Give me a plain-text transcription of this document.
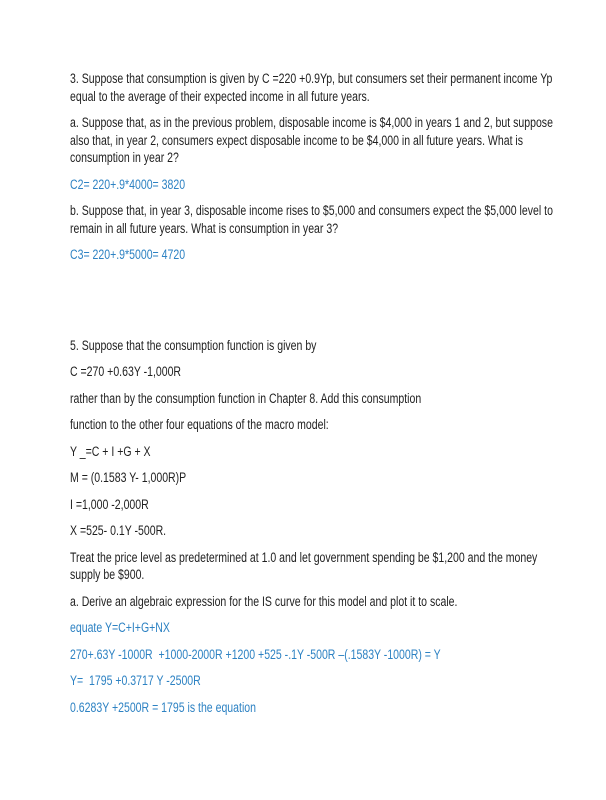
3. Suppose that consumption is given by C =220 +0.9Yp, but consumers set their permanent income Yp
equal to the average of their expected income in all future years.
a. Suppose that, as in the previous problem, disposable income is $4,000 in years 1 and 2, but suppose
also that, in year 2, consumers expect disposable income to be $4,000 in all future years. What is
consumption in year 2?
C2= 220+.9*4000= 3820
b. Suppose that, in year 3, disposable income rises to $5,000 and consumers expect the $5,000 level to
remain in all future years. What is consumption in year 3?
C3= 220+.9*5000= 4720
5. Suppose that the consumption function is given by
C =270 +0.63Y -1,000R
rather than by the consumption function in Chapter 8. Add this consumption
function to the other four equations of the macro model:
Y _=C + I +G + X
M = (0.1583 Y- 1,000R)P
I =1,000 -2,000R
X =525- 0.1Y -500R.
Treat the price level as predetermined at 1.0 and let government spending be $1,200 and the money
supply be $900.
a. Derive an algebraic expression for the IS curve for this model and plot it to scale.
equate Y=C+I+G+NX
270+.63Y -1000R  +1000-2000R +1200 +525 -.1Y -500R –(.1583Y -1000R) = Y
Y=  1795 +0.3717 Y -2500R
0.6283Y +2500R = 1795 is the equation
